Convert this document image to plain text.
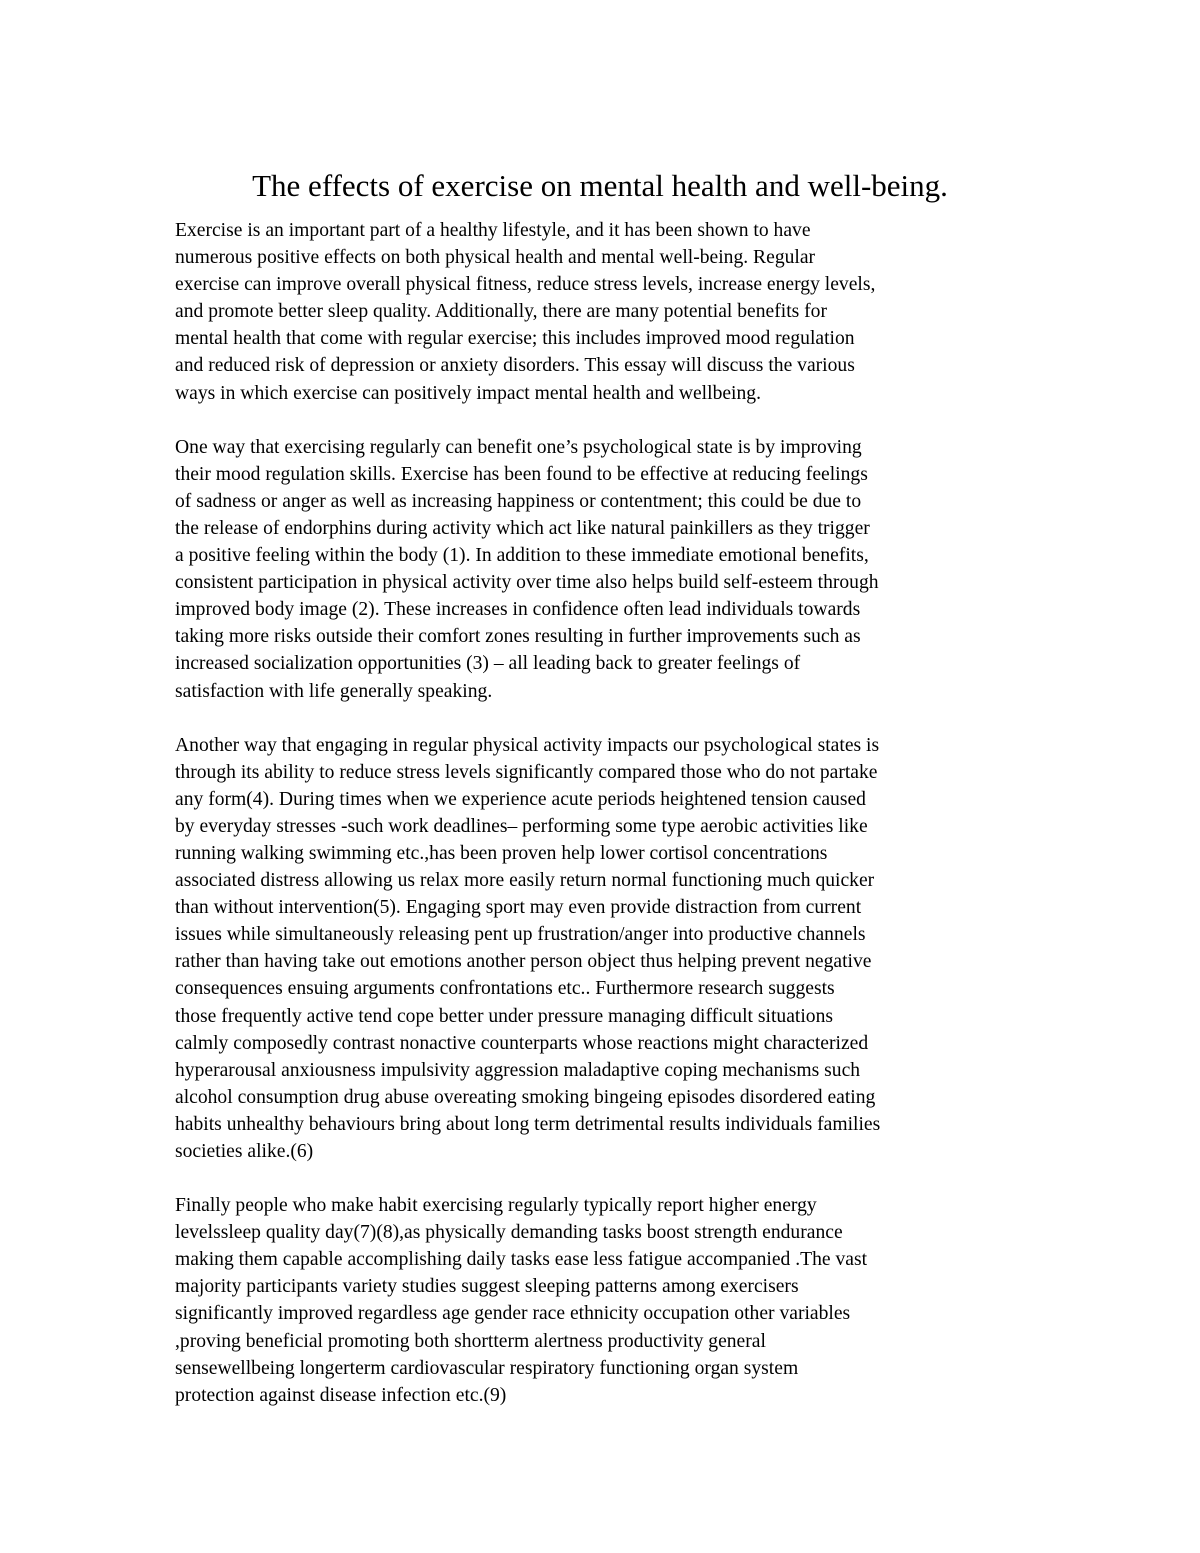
The effects of exercise on mental health and well-being.

Exercise is an important part of a healthy lifestyle, and it has been shown to have
numerous positive effects on both physical health and mental well-being. Regular
exercise can improve overall physical fitness, reduce stress levels, increase energy levels,
and promote better sleep quality. Additionally, there are many potential benefits for
mental health that come with regular exercise; this includes improved mood regulation
and reduced risk of depression or anxiety disorders. This essay will discuss the various
ways in which exercise can positively impact mental health and wellbeing.

One way that exercising regularly can benefit one’s psychological state is by improving
their mood regulation skills. Exercise has been found to be effective at reducing feelings
of sadness or anger as well as increasing happiness or contentment; this could be due to
the release of endorphins during activity which act like natural painkillers as they trigger
a positive feeling within the body (1). In addition to these immediate emotional benefits,
consistent participation in physical activity over time also helps build self-esteem through
improved body image (2). These increases in confidence often lead individuals towards
taking more risks outside their comfort zones resulting in further improvements such as
increased socialization opportunities (3) – all leading back to greater feelings of
satisfaction with life generally speaking.

Another way that engaging in regular physical activity impacts our psychological states is
through its ability to reduce stress levels significantly compared those who do not partake
any form(4). During times when we experience acute periods heightened tension caused
by everyday stresses -such work deadlines– performing some type aerobic activities like
running walking swimming etc.,has been proven help lower cortisol concentrations
associated distress allowing us relax more easily return normal functioning much quicker
than without intervention(5). Engaging sport may even provide distraction from current
issues while simultaneously releasing pent up frustration/anger into productive channels
rather than having take out emotions another person object thus helping prevent negative
consequences ensuing arguments confrontations etc.. Furthermore research suggests
those frequently active tend cope better under pressure managing difficult situations
calmly composedly contrast nonactive counterparts whose reactions might characterized
hyperarousal anxiousness impulsivity aggression maladaptive coping mechanisms such
alcohol consumption drug abuse overeating smoking bingeing episodes disordered eating
habits unhealthy behaviours bring about long term detrimental results individuals families
societies alike.(6)

Finally people who make habit exercising regularly typically report higher energy
levelssleep quality day(7)(8),as physically demanding tasks boost strength endurance
making them capable accomplishing daily tasks ease less fatigue accompanied .The vast
majority participants variety studies suggest sleeping patterns among exercisers
significantly improved regardless age gender race ethnicity occupation other variables
,proving beneficial promoting both shortterm alertness productivity general
sensewellbeing longerterm cardiovascular respiratory functioning organ system
protection against disease infection etc.(9)
